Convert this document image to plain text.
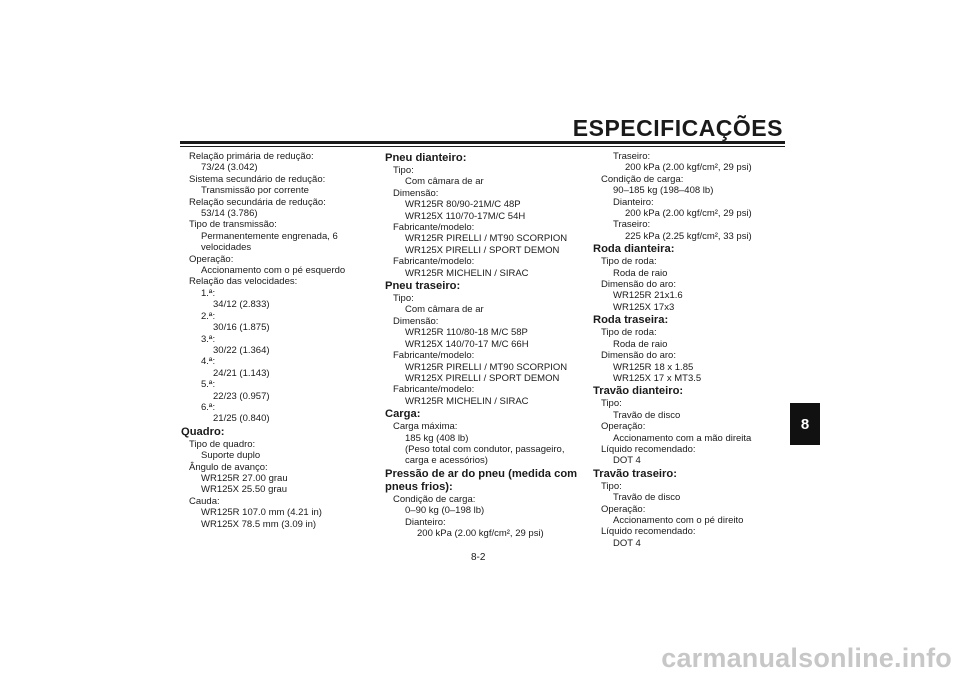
ESPECIFICAÇÕES
8
Relação primária de redução:
73/24 (3.042)
Sistema secundário de redução:
Transmissão por corrente
Relação secundária de redução:
53/14 (3.786)
Tipo de transmissão:
Permanentemente engrenada, 6
velocidades
Operação:
Accionamento com o pé esquerdo
Relação das velocidades:
1.ª:
34/12 (2.833)
2.ª:
30/16 (1.875)
3.ª:
30/22 (1.364)
4.ª:
24/21 (1.143)
5.ª:
22/23 (0.957)
6.ª:
21/25 (0.840)
Quadro:
Tipo de quadro:
Suporte duplo
Ângulo de avanço:
WR125R 27.00 grau
WR125X 25.50 grau
Cauda:
WR125R 107.0 mm (4.21 in)
WR125X 78.5 mm (3.09 in)
Pneu dianteiro:
Tipo:
Com câmara de ar
Dimensão:
WR125R 80/90-21M/C 48P
WR125X 110/70-17M/C 54H
Fabricante/modelo:
WR125R PIRELLI / MT90 SCORPION
WR125X PIRELLI / SPORT DEMON
Fabricante/modelo:
WR125R MICHELIN / SIRAC
Pneu traseiro:
Tipo:
Com câmara de ar
Dimensão:
WR125R 110/80-18 M/C 58P
WR125X 140/70-17 M/C 66H
Fabricante/modelo:
WR125R PIRELLI / MT90 SCORPION
WR125X PIRELLI / SPORT DEMON
Fabricante/modelo:
WR125R MICHELIN / SIRAC
Carga:
Carga máxima:
185 kg (408 lb)
(Peso total com condutor, passageiro,
carga e acessórios)
Pressão de ar do pneu (medida com pneus frios):
Condição de carga:
0–90 kg (0–198 lb)
Dianteiro:
200 kPa (2.00 kgf/cm², 29 psi)
Traseiro:
200 kPa (2.00 kgf/cm², 29 psi)
Condição de carga:
90–185 kg (198–408 lb)
Dianteiro:
200 kPa (2.00 kgf/cm², 29 psi)
Traseiro:
225 kPa (2.25 kgf/cm², 33 psi)
Roda dianteira:
Tipo de roda:
Roda de raio
Dimensão do aro:
WR125R 21x1.6
WR125X 17x3
Roda traseira:
Tipo de roda:
Roda de raio
Dimensão do aro:
WR125R 18 x 1.85
WR125X 17 x MT3.5
Travão dianteiro:
Tipo:
Travão de disco
Operação:
Accionamento com a mão direita
Líquido recomendado:
DOT 4
Travão traseiro:
Tipo:
Travão de disco
Operação:
Accionamento com o pé direito
Líquido recomendado:
DOT 4
8-2
carmanualsonline.info
